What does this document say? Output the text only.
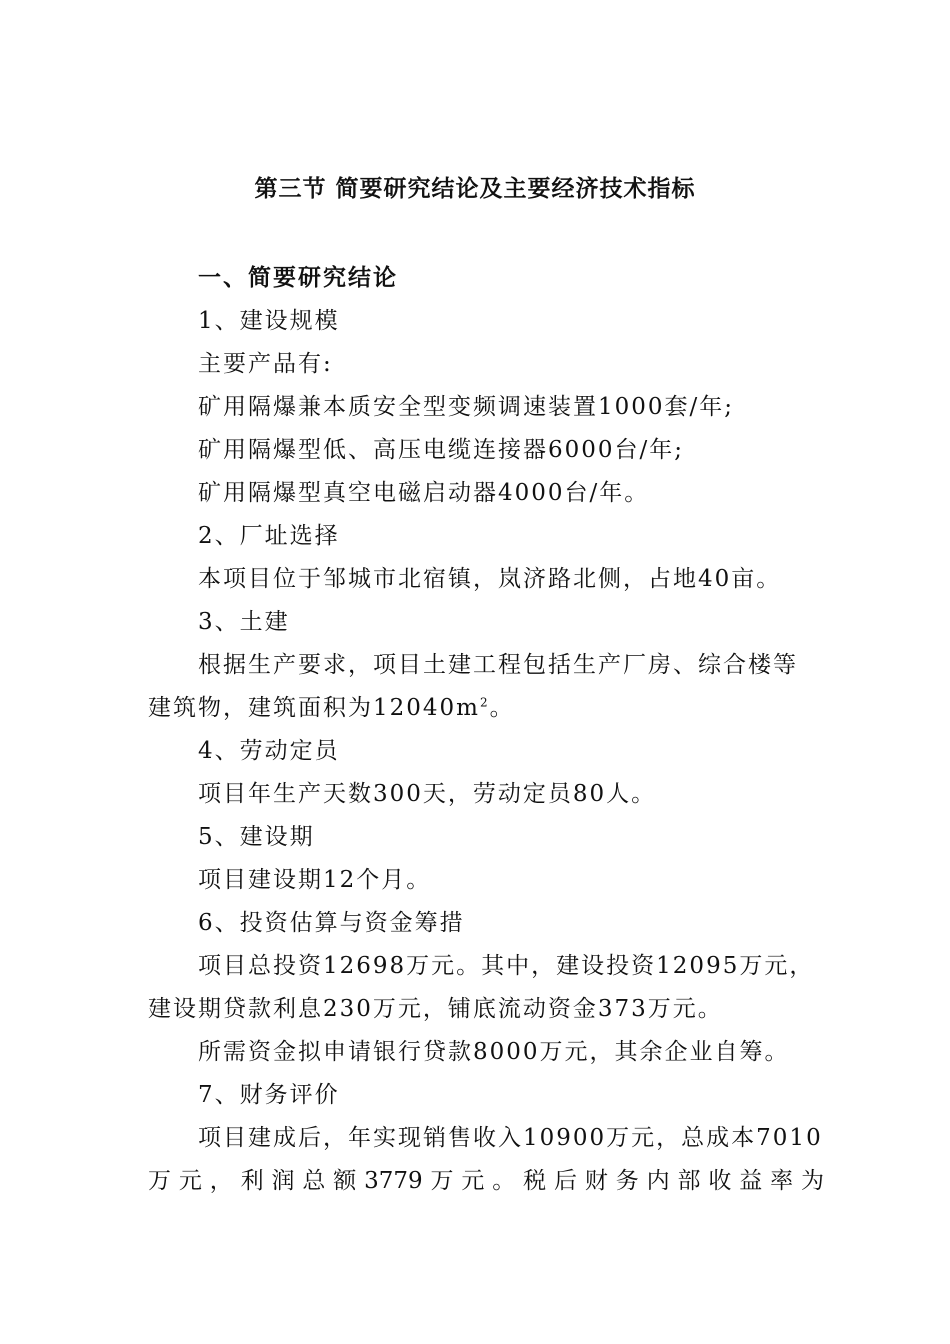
第三节 简要研究结论及主要经济技术指标
一、简要研究结论
1、建设规模
主要产品有:
矿用隔爆兼本质安全型变频调速装置1000套/年;
矿用隔爆型低、高压电缆连接器6000台/年;
矿用隔爆型真空电磁启动器4000台/年。
2、厂址选择
本项目位于邹城市北宿镇，岚济路北侧，占地40亩。
3、土建
根据生产要求，项目土建工程包括生产厂房、综合楼等
建筑物，建筑面积为$12040m^2$。
4、劳动定员
项目年生产天数300天，劳动定员80人。
5、建设期
项目建设期12个月。
6、投资估算与资金筹措
项目总投资12698万元。其中，建设投资12095万元，
建设期贷款利息230万元，铺底流动资金373万元。
所需资金拟申请银行贷款8000万元，其余企业自筹。
7、财务评价
项目建成后，年实现销售收入10900万元，总成本7010
万元，利润总额3779万元。税后财务内部收益率为
